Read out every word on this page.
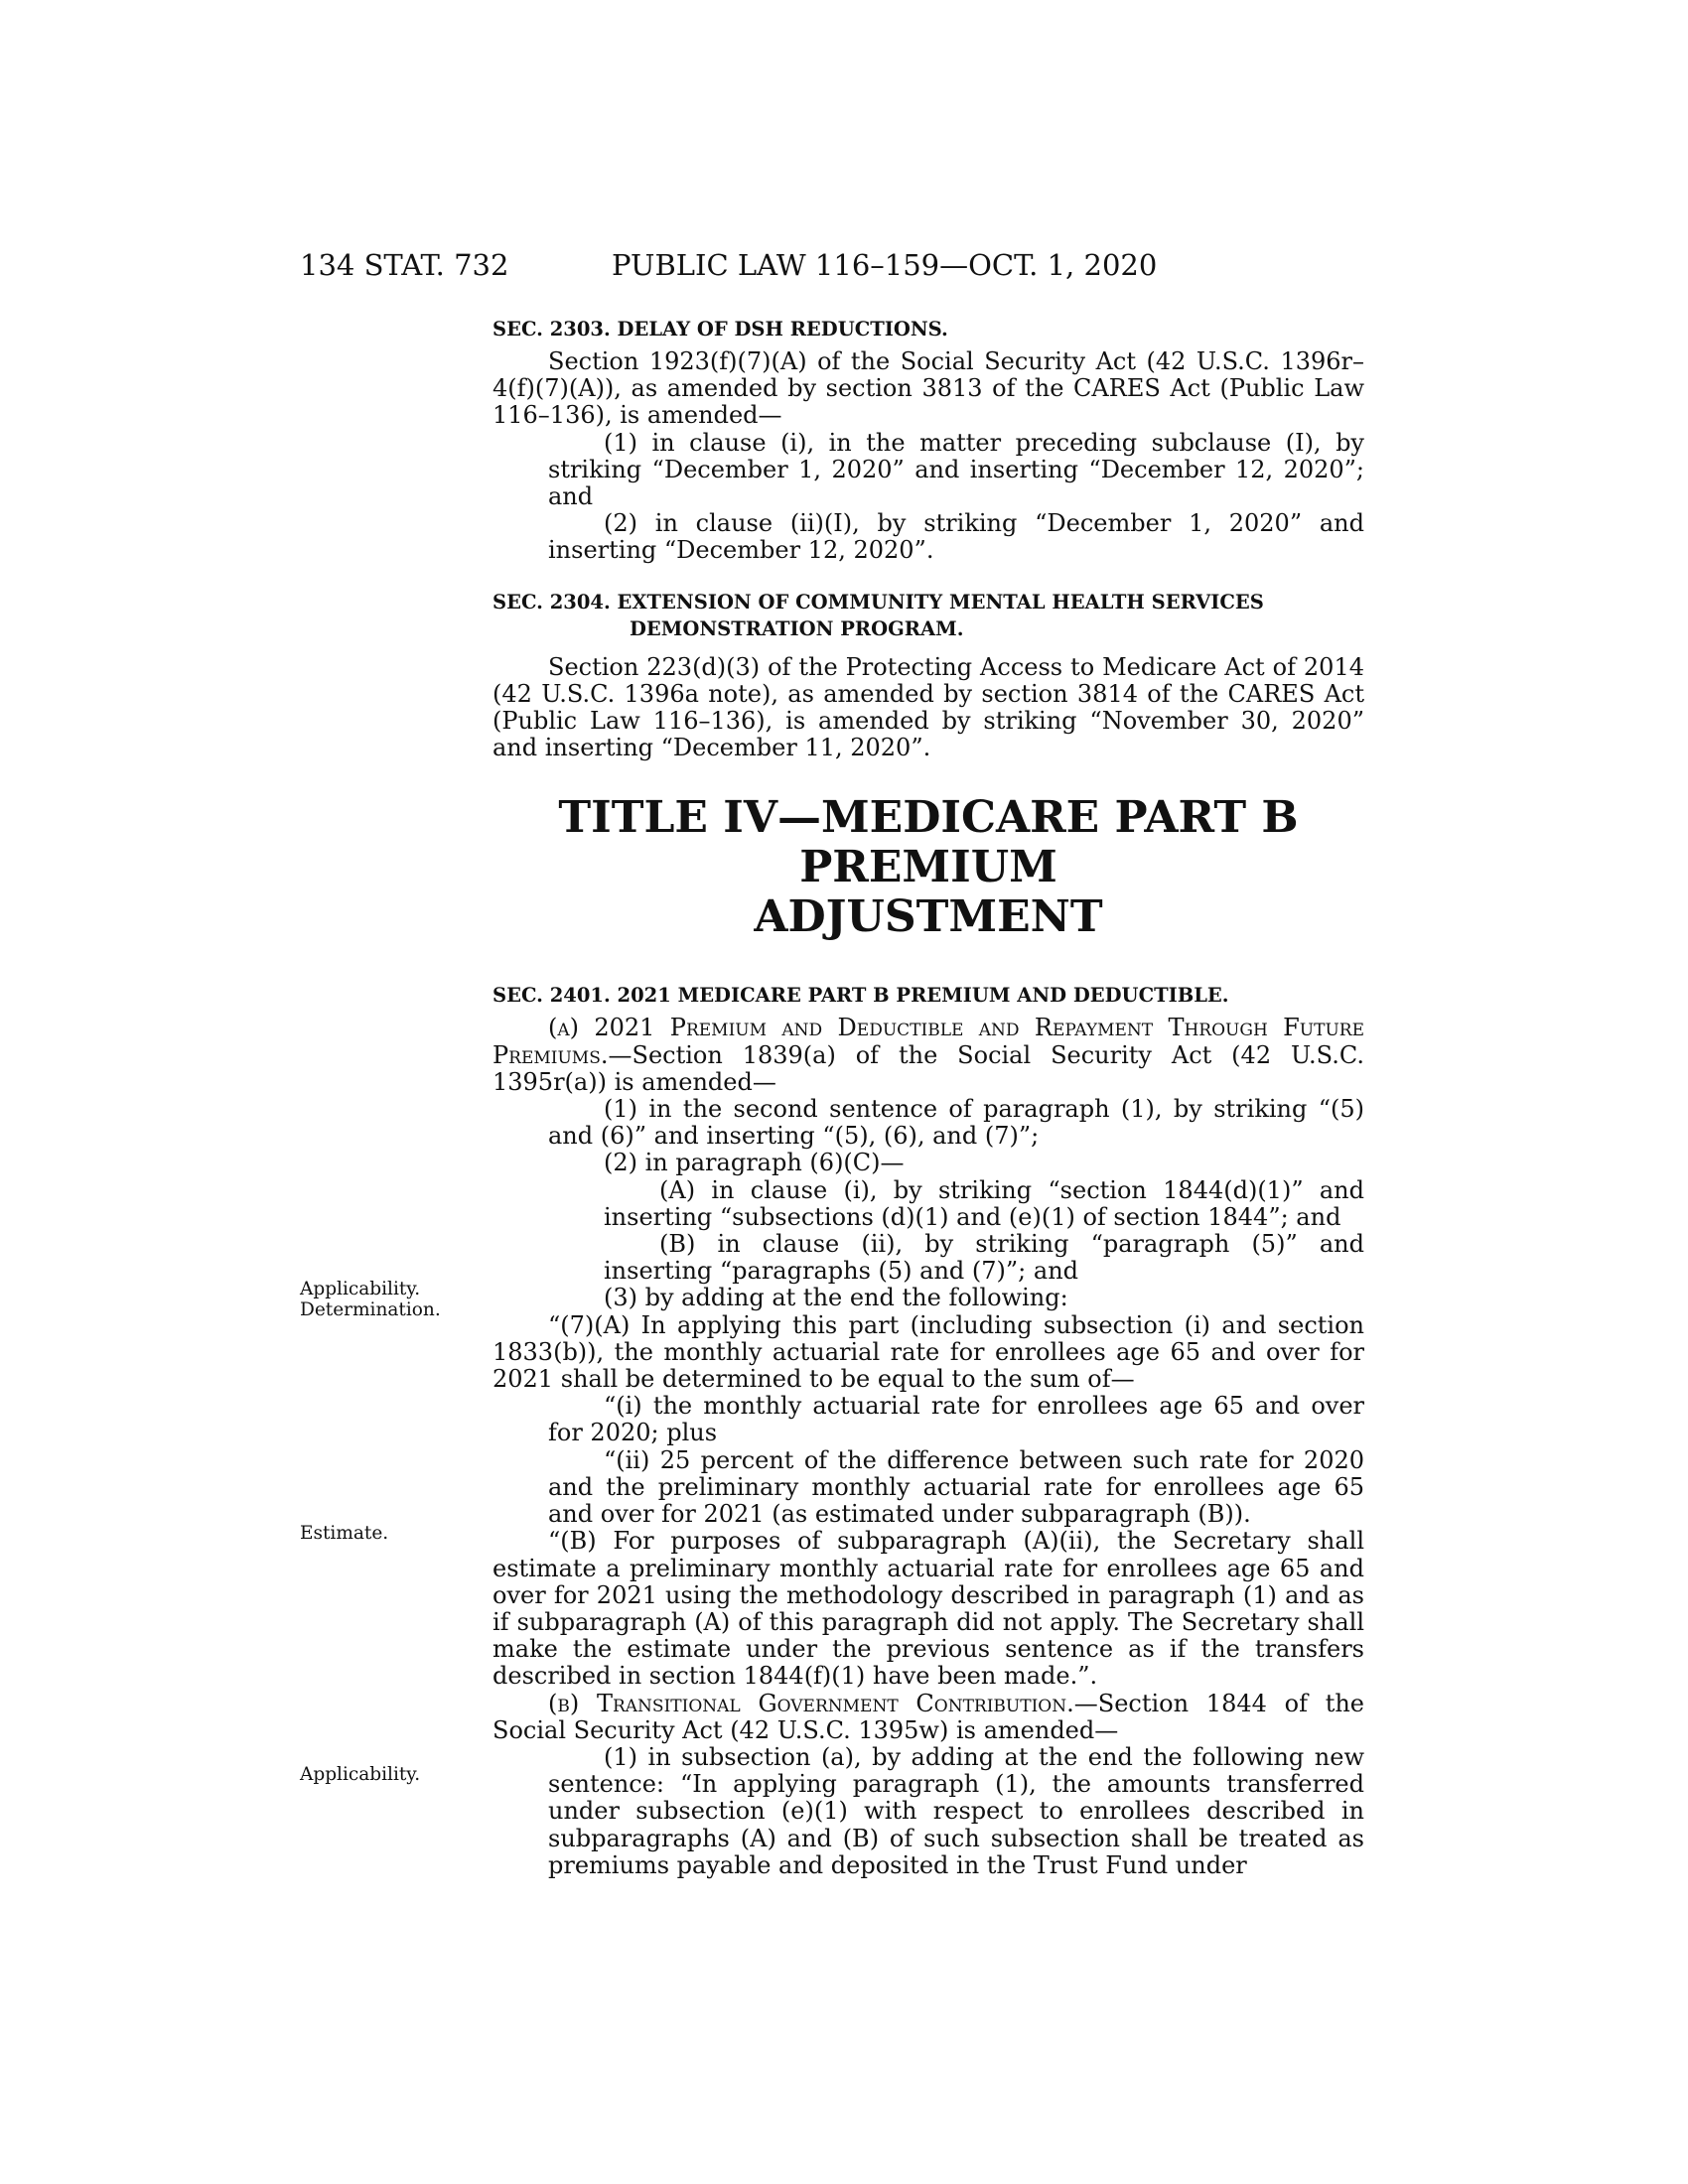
134 STAT. 732	PUBLIC LAW 116–159—OCT. 1, 2020
Applicability.
Determination.
Estimate.
Applicability.

SEC. 2303. DELAY OF DSH REDUCTIONS.

Section 1923(f)(7)(A) of the Social Security Act (42 U.S.C. 1396r–4(f)(7)(A)), as amended by section 3813 of the CARES Act (Public Law 116–136), is amended—

(1) in clause (i), in the matter preceding subclause (I), by striking “December 1, 2020” and inserting “December 12, 2020”; and

(2) in clause (ii)(I), by striking “December 1, 2020” and inserting “December 12, 2020”.

SEC. 2304. EXTENSION OF COMMUNITY MENTAL HEALTH SERVICES DEMONSTRATION PROGRAM.

Section 223(d)(3) of the Protecting Access to Medicare Act of 2014 (42 U.S.C. 1396a note), as amended by section 3814 of the CARES Act (Public Law 116–136), is amended by striking “November 30, 2020” and inserting “December 11, 2020”.

TITLE IV—MEDICARE PART B PREMIUM
ADJUSTMENT

SEC. 2401. 2021 MEDICARE PART B PREMIUM AND DEDUCTIBLE.

(a) 2021 Premium and Deductible and Repayment Through Future Premiums.—Section 1839(a) of the Social Security Act (42 U.S.C. 1395r(a)) is amended—

(1) in the second sentence of paragraph (1), by striking “(5) and (6)” and inserting “(5), (6), and (7)”;

(2) in paragraph (6)(C)—

(A) in clause (i), by striking “section 1844(d)(1)” and inserting “subsections (d)(1) and (e)(1) of section 1844”; and

(B) in clause (ii), by striking “paragraph (5)” and inserting “paragraphs (5) and (7)”; and

(3) by adding at the end the following:

“(7)(A) In applying this part (including subsection (i) and section 1833(b)), the monthly actuarial rate for enrollees age 65 and over for 2021 shall be determined to be equal to the sum of—

“(i) the monthly actuarial rate for enrollees age 65 and over for 2020; plus

“(ii) 25 percent of the difference between such rate for 2020 and the preliminary monthly actuarial rate for enrollees age 65 and over for 2021 (as estimated under subparagraph (B)).

“(B) For purposes of subparagraph (A)(ii), the Secretary shall estimate a preliminary monthly actuarial rate for enrollees age 65 and over for 2021 using the methodology described in paragraph (1) and as if subparagraph (A) of this paragraph did not apply. The Secretary shall make the estimate under the previous sentence as if the transfers described in section 1844(f)(1) have been made.”.

(b) Transitional Government Contribution.—Section 1844 of the Social Security Act (42 U.S.C. 1395w) is amended—

(1) in subsection (a), by adding at the end the following new sentence: “In applying paragraph (1), the amounts transferred under subsection (e)(1) with respect to enrollees described in subparagraphs (A) and (B) of such subsection shall be treated as premiums payable and deposited in the Trust Fund under
